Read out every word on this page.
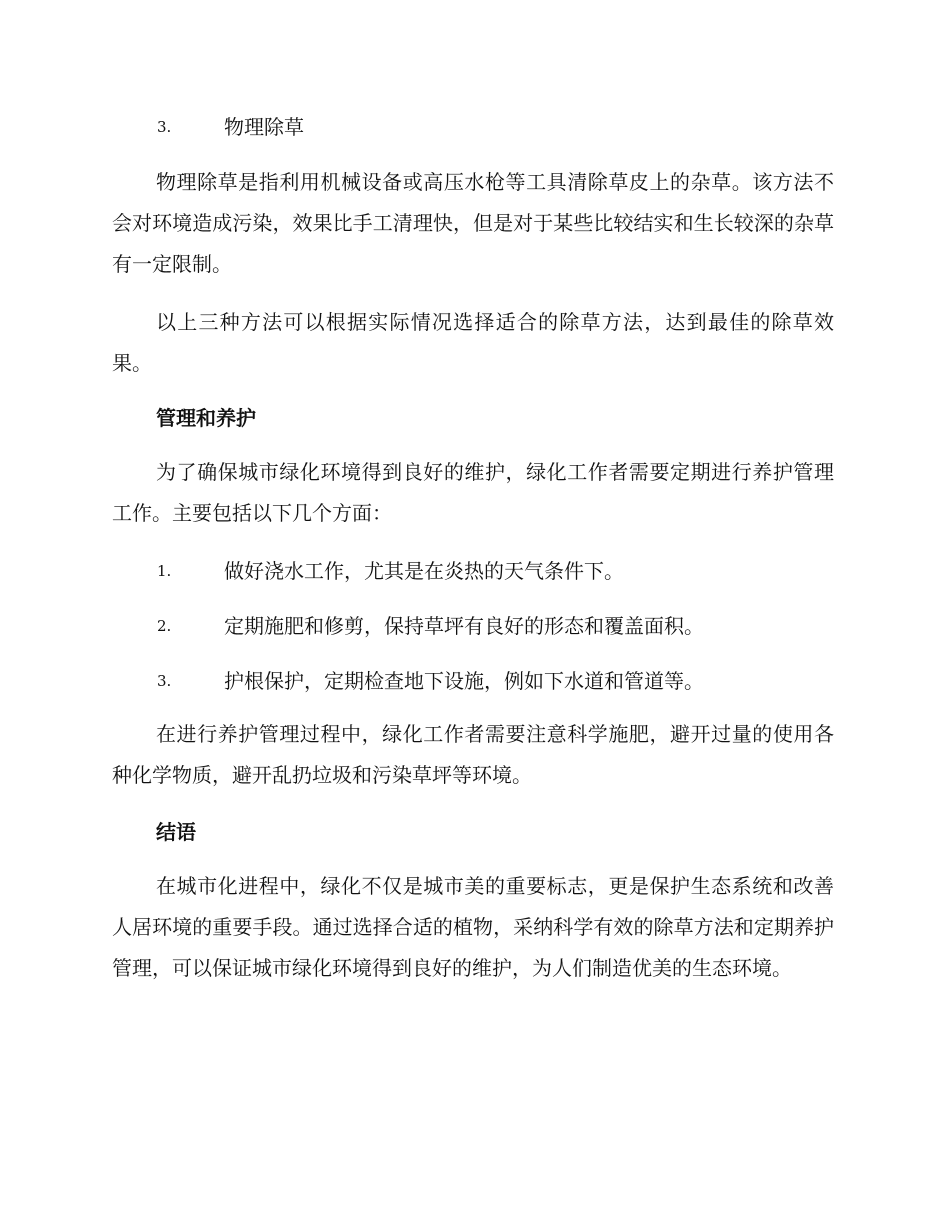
3.	物理除草

物理除草是指利用机械设备或高压水枪等工具清除草皮上的杂草。该方法不会对环境造成污染，效果比手工清理快，但是对于某些比较结实和生长较深的杂草有一定限制。

以上三种方法可以根据实际情况选择适合的除草方法，达到最佳的除草效果。

管理和养护

为了确保城市绿化环境得到良好的维护，绿化工作者需要定期进行养护管理工作。主要包括以下几个方面：

1.	做好浇水工作，尤其是在炎热的天气条件下。
2.	定期施肥和修剪，保持草坪有良好的形态和覆盖面积。
3.	护根保护，定期检查地下设施，例如下水道和管道等。

在进行养护管理过程中，绿化工作者需要注意科学施肥，避开过量的使用各种化学物质，避开乱扔垃圾和污染草坪等环境。

结语

在城市化进程中，绿化不仅是城市美的重要标志，更是保护生态系统和改善人居环境的重要手段。通过选择合适的植物，采纳科学有效的除草方法和定期养护管理，可以保证城市绿化环境得到良好的维护，为人们制造优美的生态环境。
